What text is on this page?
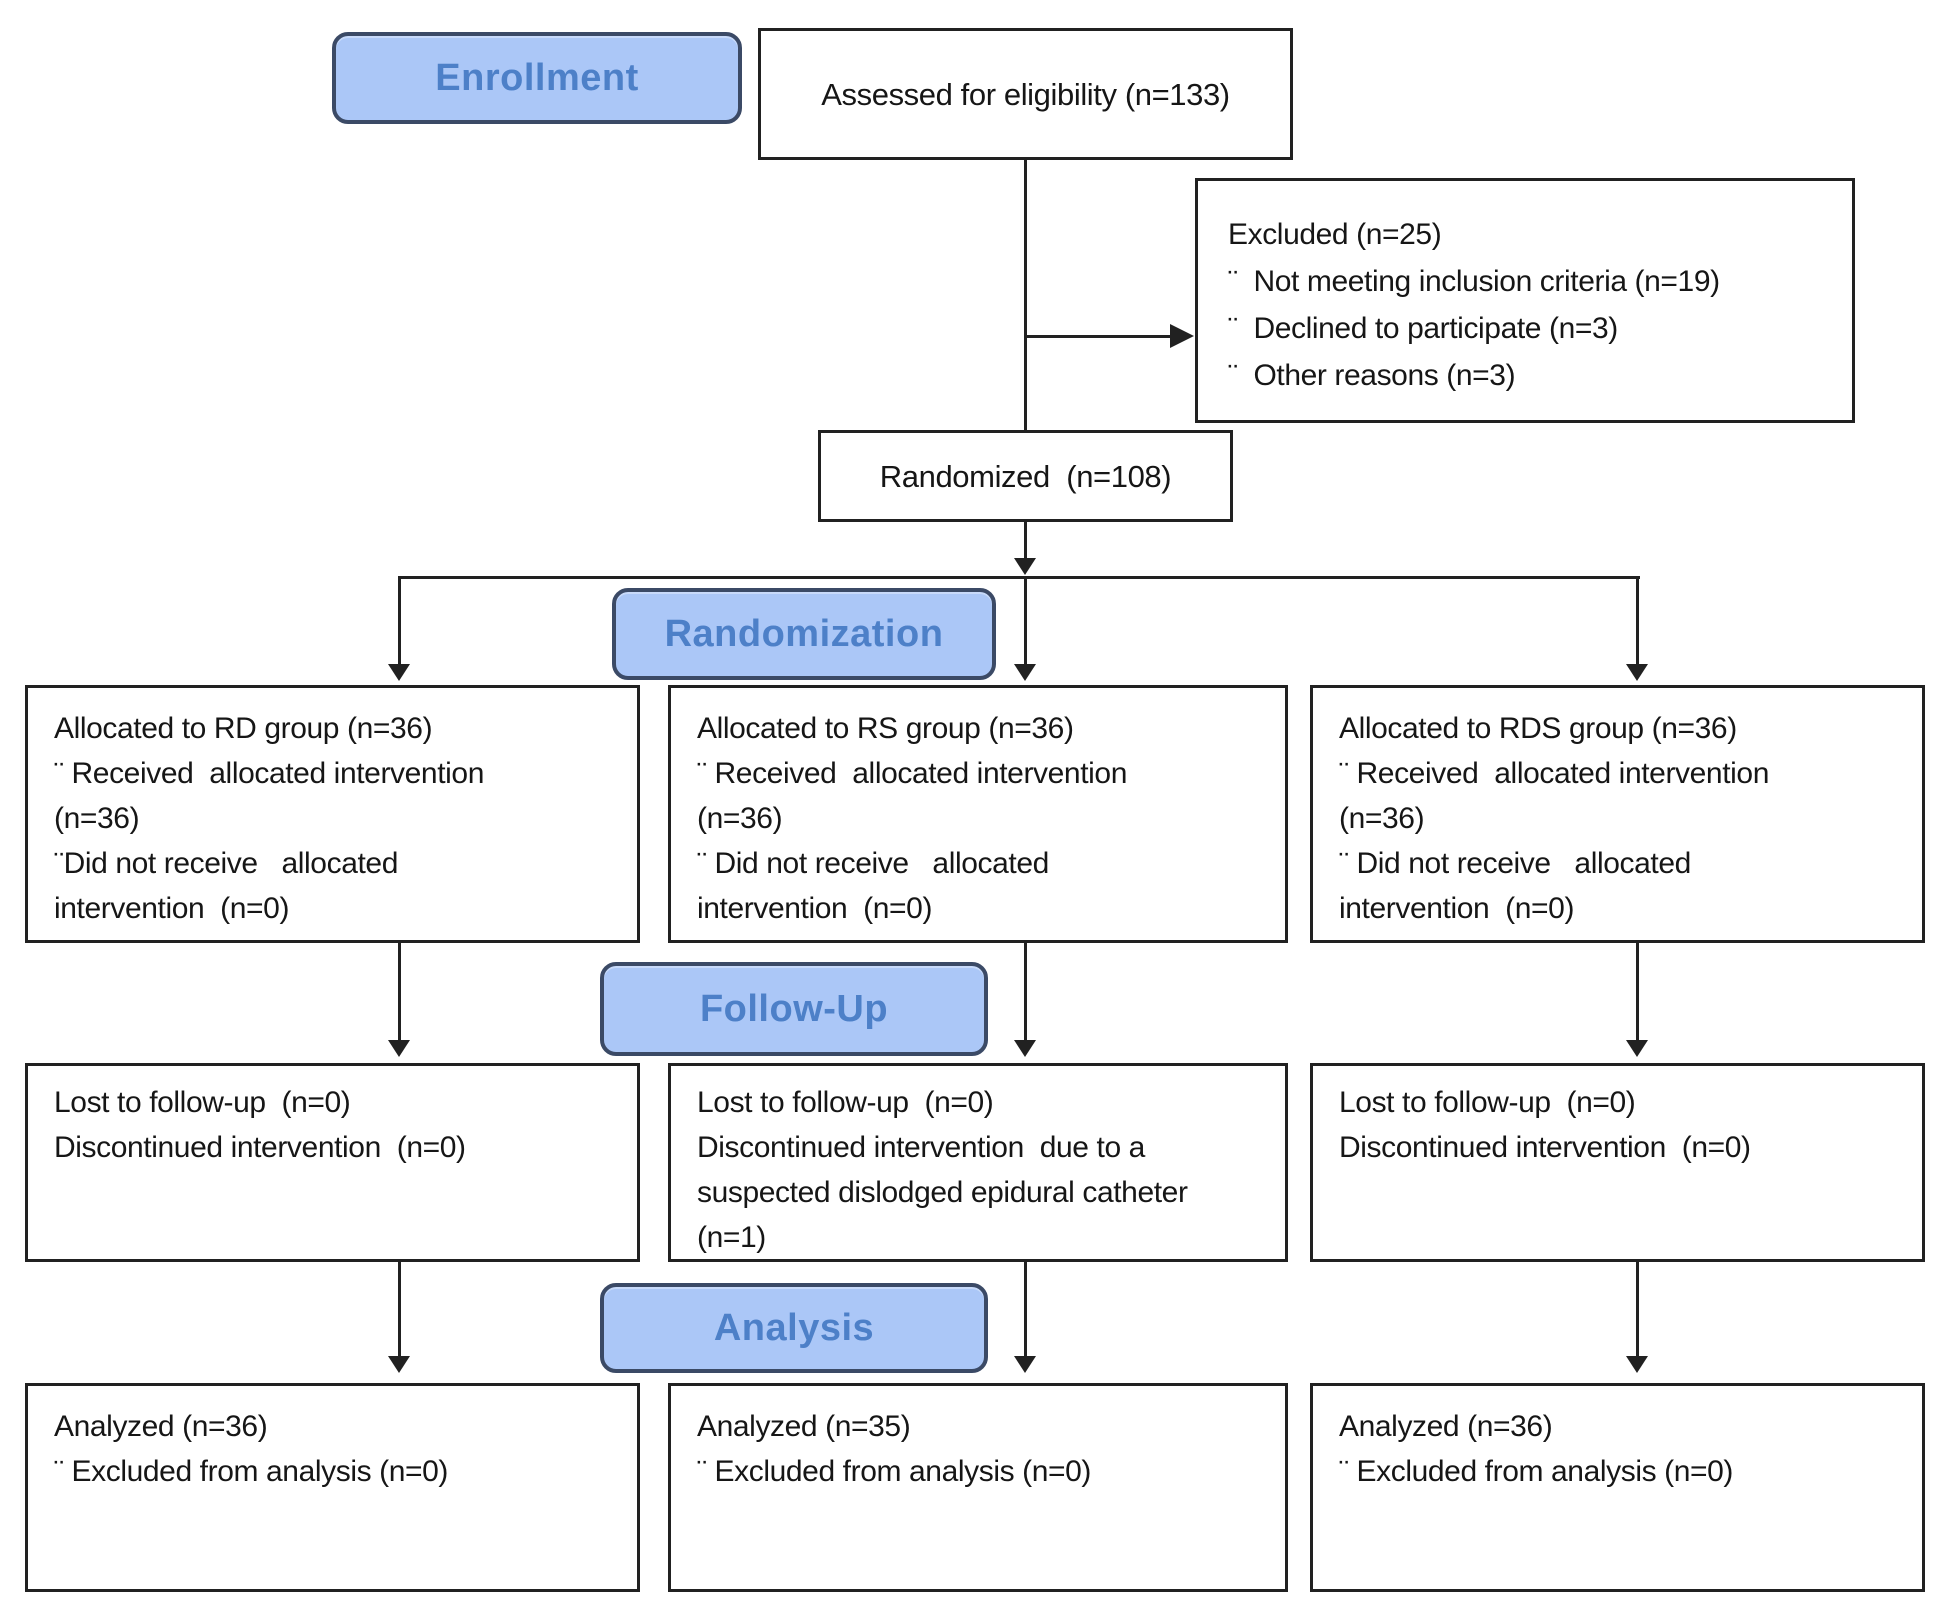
Enrollment
Randomization
Follow-Up
Analysis
Assessed for eligibility (n=133)
Excluded (n=25)
¨  Not meeting inclusion criteria (n=19)
¨  Declined to participate (n=3)
¨  Other reasons (n=3)
Randomized  (n=108)
Allocated to RD group (n=36)
¨ Received  allocated intervention
(n=36)
¨Did not receive   allocated
intervention  (n=0)
Allocated to RS group (n=36)
¨ Received  allocated intervention
(n=36)
¨ Did not receive   allocated
intervention  (n=0)
Allocated to RDS group (n=36)
¨ Received  allocated intervention
(n=36)
¨ Did not receive   allocated
intervention  (n=0)
Lost to follow-up  (n=0)
Discontinued intervention  (n=0)
Lost to follow-up  (n=0)
Discontinued intervention  due to a
suspected dislodged epidural catheter
(n=1)
Lost to follow-up  (n=0)
Discontinued intervention  (n=0)
Analyzed (n=36)
¨ Excluded from analysis (n=0)
Analyzed (n=35)
¨ Excluded from analysis (n=0)
Analyzed (n=36)
¨ Excluded from analysis (n=0)
